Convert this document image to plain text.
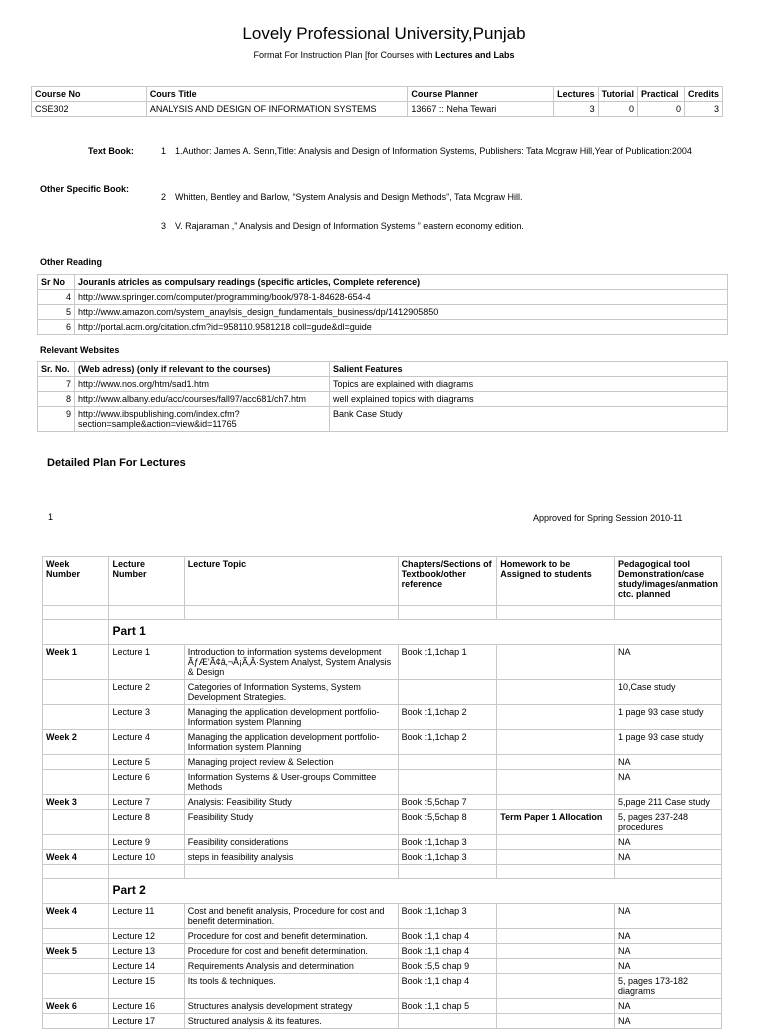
Lovely Professional University,Punjab
Format For Instruction Plan [for Courses with Lectures and Labs
Course No	Cours Title	Course Planner	Lectures	Tutorial	Practical	Credits
CSE302	ANALYSIS AND DESIGN OF INFORMATION SYSTEMS	13667 :: Neha Tewari	3	0	0	3
Text Book:	1 1.Author: James A. Senn,Title: Analysis and Design of Information Systems, Publishers: Tata Mcgraw Hill,Year of Publication:2004
Other Specific Book:
2 Whitten, Bentley and Barlow, “System Analysis and Design Methods”, Tata Mcgraw Hill.
3 V. Rajaraman ,” Analysis and Design of Information Systems ” eastern economy edition.
Other Reading
Sr No	Jouranls atricles as compulsary readings (specific articles, Complete reference)
4	http://www.springer.com/computer/programming/book/978-1-84628-654-4
5	http://www.amazon.com/system_anaylsis_design_fundamentals_business/dp/1412905850
6	http://portal.acm.org/citation.cfm?id=958110.9581218 coll=gude&dl=guide
Relevant Websites
Sr. No.	(Web adress) (only if relevant to the courses)	Salient Features
7	http://www.nos.org/htm/sad1.htm	Topics are explained with diagrams
8	http://www.albany.edu/acc/courses/fall97/acc681/ch7.htm	well explained topics with diagrams
9	http://www.ibspublishing.com/index.cfm? section=sample&action=view&id=11765	Bank Case Study
Detailed Plan For Lectures
1	Approved for Spring Session 2010-11
Week Number	Lecture Number	Lecture Topic	Chapters/Sections of Textbook/other reference	Homework to be Assigned to students	Pedagogical tool Demonstration/case study/images/anmation ctc. planned

	Part 1				
Week 1	Lecture 1	Introduction to information systems development ÃƒÆ’Ã¢â‚¬Å¡Ã‚Â·System Analyst, System Analysis & Design	Book :1,1chap 1		NA
	Lecture 2	Categories of Information Systems, System Development Strategies.			10,Case study
	Lecture 3	Managing the application development portfolio-Information system Planning	Book :1,1chap 2		1 page 93 case study
Week 2	Lecture 4	Managing the application development portfolio-Information system Planning	Book :1,1chap 2		1 page 93 case study
	Lecture 5	Managing project review & Selection			NA
	Lecture 6	Information Systems & User-groups Committee Methods			NA
Week 3	Lecture 7	Analysis: Feasibility Study	Book :5,5chap 7		5,page 211 Case study
	Lecture 8	Feasibility Study	Book :5,5chap 8	Term Paper 1 Allocation	5, pages 237-248 procedures
	Lecture 9	Feasibility considerations	Book :1,1chap 3		NA
Week 4	Lecture 10	steps in feasibility analysis	Book :1,1chap 3		NA

	Part 2				
Week 4	Lecture 11	Cost and benefit analysis, Procedure for cost and benefit determination.	Book :1,1chap 3		NA
	Lecture 12	Procedure for cost and benefit determination.	Book :1,1 chap 4		NA
Week 5	Lecture 13	Procedure for cost and benefit determination.	Book :1,1 chap 4		NA
	Lecture 14	Requirements Analysis and determination	Book :5,5 chap 9		NA
	Lecture 15	Its tools & techniques.	Book :1,1 chap 4		5, pages 173-182 diagrams
Week 6	Lecture 16	Structures analysis development strategy	Book :1,1 chap 5		NA
	Lecture 17	Structured analysis & its features.			NA
